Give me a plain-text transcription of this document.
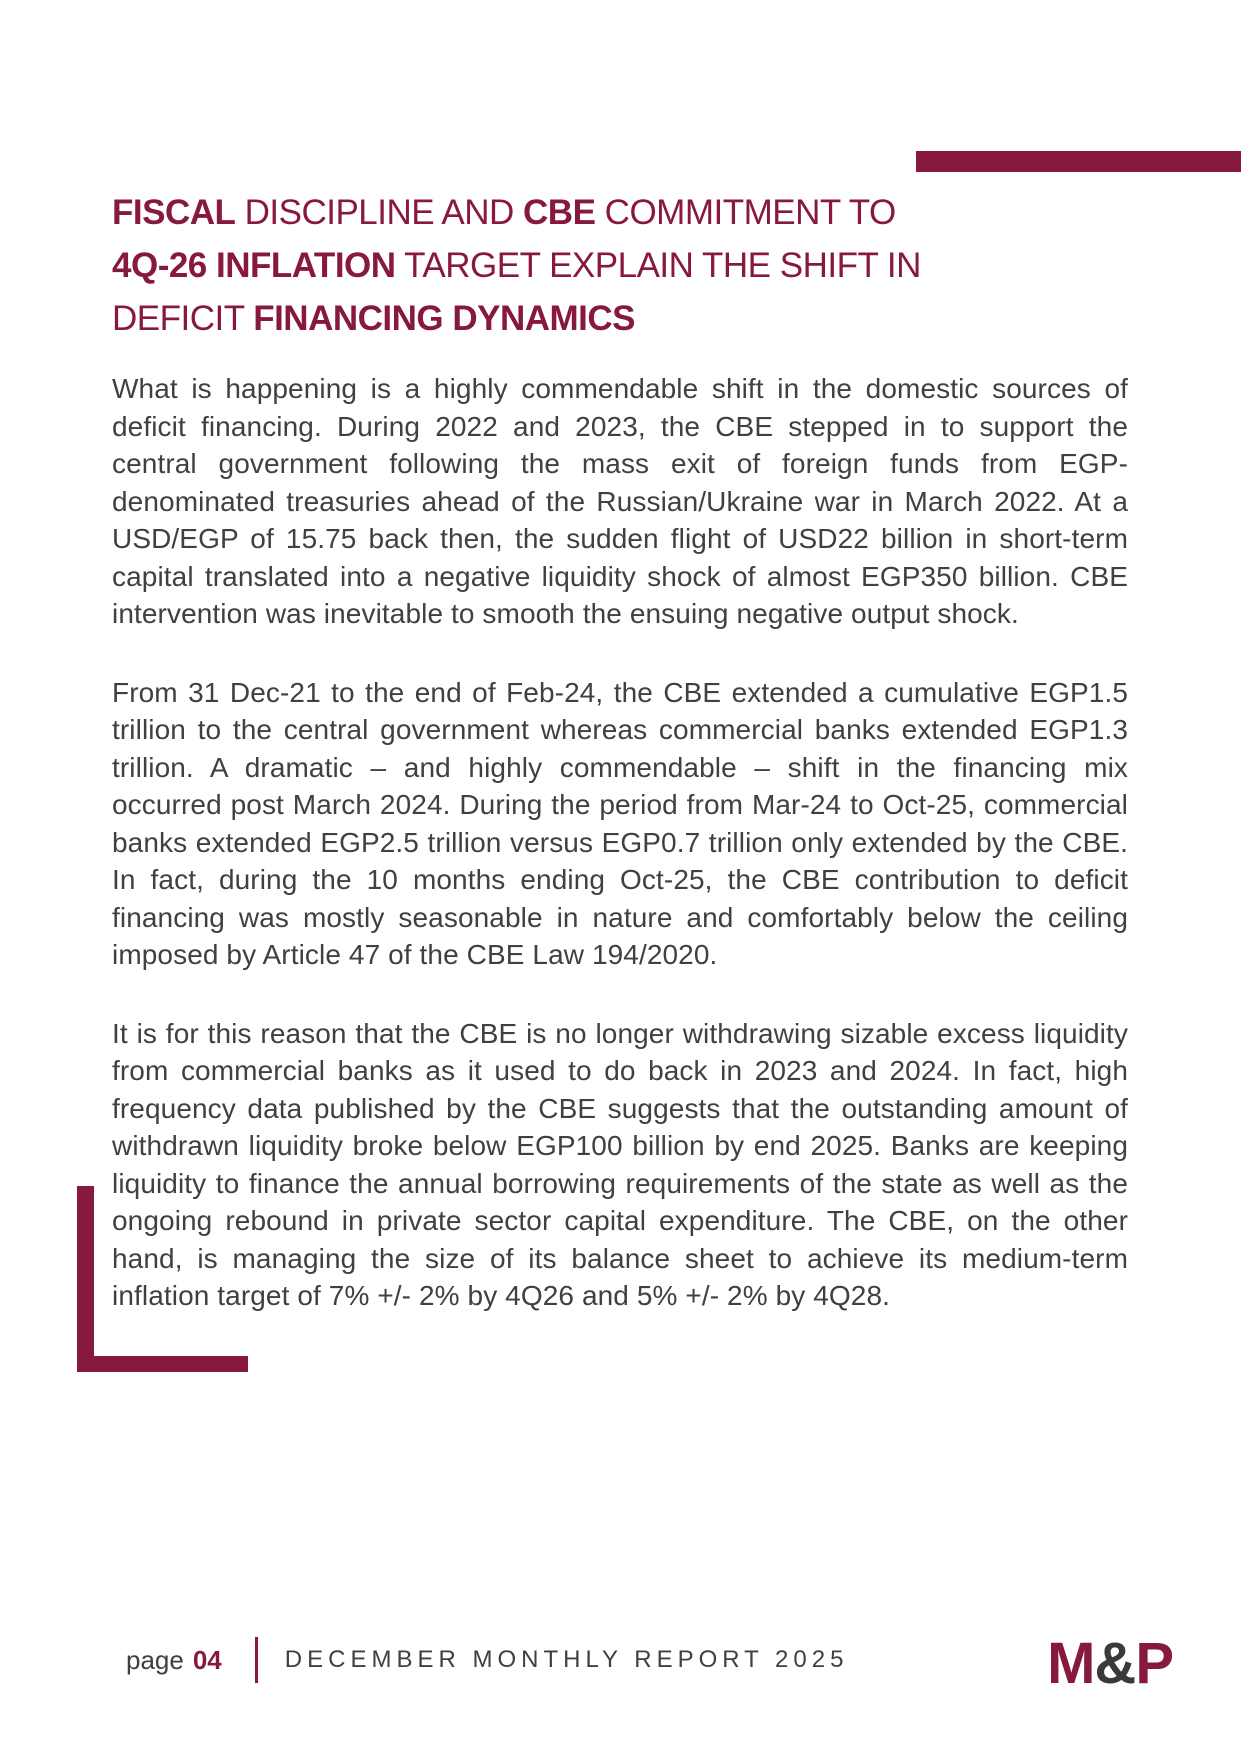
FISCAL DISCIPLINE AND CBE COMMITMENT TO
4Q-26 INFLATION TARGET EXPLAIN THE SHIFT IN
DEFICIT FINANCING DYNAMICS

What is happening is a highly commendable shift in the domestic sources of deficit financing. During 2022 and 2023, the CBE stepped in to support the central government following the mass exit of foreign funds from EGP-denominated treasuries ahead of the Russian/Ukraine war in March 2022. At a USD/EGP of 15.75 back then, the sudden flight of USD22 billion in short-term capital translated into a negative liquidity shock of almost EGP350 billion. CBE intervention was inevitable to smooth the ensuing negative output shock.

From 31 Dec-21 to the end of Feb-24, the CBE extended a cumulative EGP1.5 trillion to the central government whereas commercial banks extended EGP1.3 trillion. A dramatic – and highly commendable – shift in the financing mix occurred post March 2024. During the period from Mar-24 to Oct-25, commercial banks extended EGP2.5 trillion versus EGP0.7 trillion only extended by the CBE. In fact, during the 10 months ending Oct-25, the CBE contribution to deficit financing was mostly seasonable in nature and comfortably below the ceiling imposed by Article 47 of the CBE Law 194/2020.

It is for this reason that the CBE is no longer withdrawing sizable excess liquidity from commercial banks as it used to do back in 2023 and 2024. In fact, high frequency data published by the CBE suggests that the outstanding amount of withdrawn liquidity broke below EGP100 billion by end 2025. Banks are keeping liquidity to finance the annual borrowing requirements of the state as well as the ongoing rebound in private sector capital expenditure. The CBE, on the other hand, is managing the size of its balance sheet to achieve its medium-term inflation target of 7% +/- 2% by 4Q26 and 5% +/- 2% by 4Q28.

page 04	DECEMBER MONTHLY REPORT 2025	M&P
